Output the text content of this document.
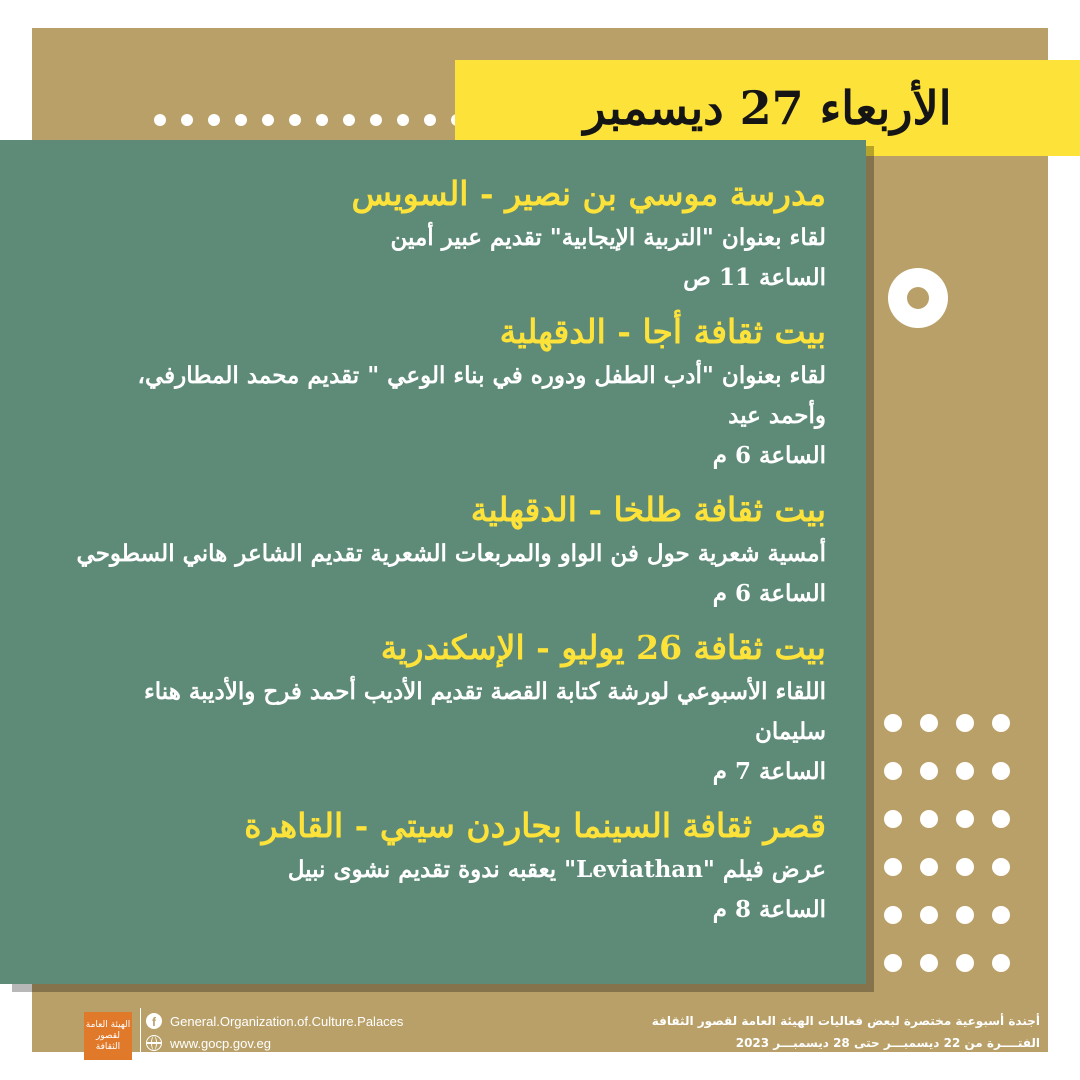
الأربعاء 27 ديسمبر
مدرسة موسي بن نصير - السويس
لقاء بعنوان "التربية الإيجابية" تقديم عبير أمين
الساعة 11 ص
بيت ثقافة أجا - الدقهلية
لقاء بعنوان "أدب الطفل ودوره في بناء الوعي " تقديم محمد المطارفي،
وأحمد عيد
الساعة 6 م
بيت ثقافة طلخا - الدقهلية
أمسية شعرية حول فن الواو والمربعات الشعرية تقديم الشاعر هاني السطوحي
الساعة 6 م
بيت ثقافة 26 يوليو - الإسكندرية
اللقاء الأسبوعي لورشة كتابة القصة تقديم الأديب أحمد فرح والأديبة هناء
سليمان
الساعة 7 م
قصر ثقافة السينما بجاردن سيتي - القاهرة
عرض فيلم "Leviathan" يعقبه ندوة تقديم نشوى نبيل
الساعة 8 م
الهيئة العامة لقصور الثقافة
f	General.Organization.of.Culture.Palaces
www.gocp.gov.eg
أجندة أسبوعية مختصرة لبعض فعاليات الهيئة العامة لقصور الثقافة
الفتــــرة من 22 ديسمبـــر حتى 28 ديسمبـــر 2023
